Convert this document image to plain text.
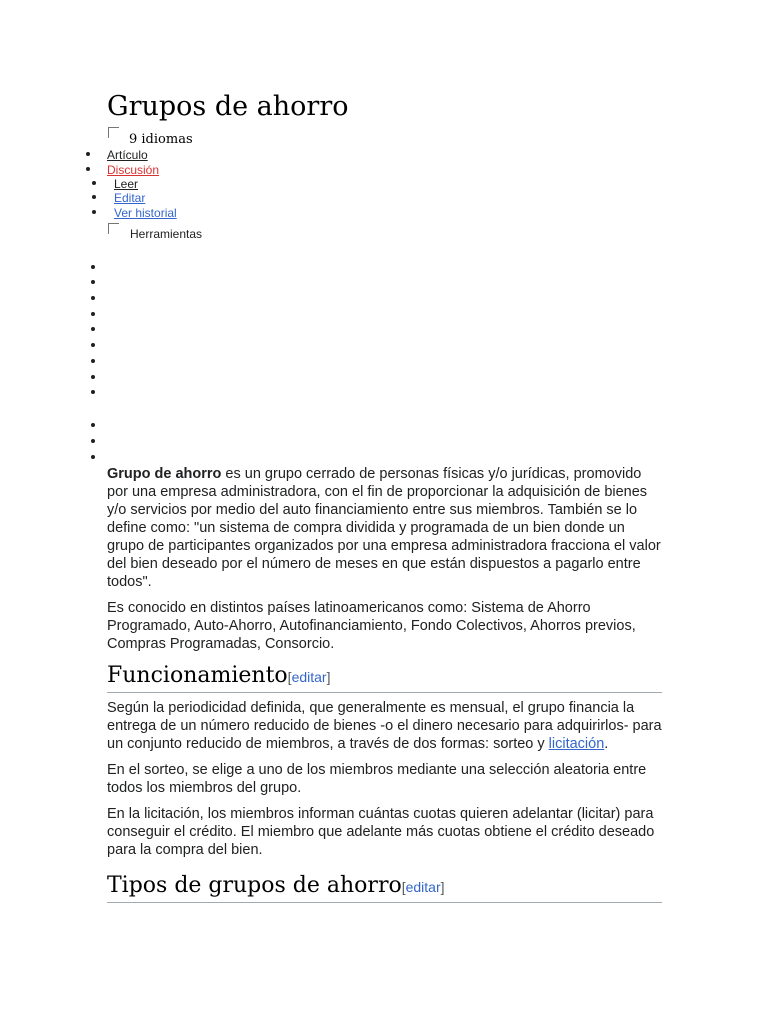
Grupos de ahorro
9 idiomas
Artículo
Discusión
Leer
Editar
Ver historial
Herramientas

Grupo de ahorro es un grupo cerrado de personas físicas y/o jurídicas, promovido por una empresa administradora, con el fin de proporcionar la adquisición de bienes y/o servicios por medio del auto financiamiento entre sus miembros. También se lo define como: "un sistema de compra dividida y programada de un bien donde un grupo de participantes organizados por una empresa administradora fracciona el valor del bien deseado por el número de meses en que están dispuestos a pagarlo entre todos".

Es conocido en distintos países latinoamericanos como: Sistema de Ahorro Programado, Auto-Ahorro, Autofinanciamiento, Fondo Colectivos, Ahorros previos, Compras Programadas, Consorcio.

Funcionamiento[editar]

Según la periodicidad definida, que generalmente es mensual, el grupo financia la entrega de un número reducido de bienes -o el dinero necesario para adquirirlos- para un conjunto reducido de miembros, a través de dos formas: sorteo y licitación.

En el sorteo, se elige a uno de los miembros mediante una selección aleatoria entre todos los miembros del grupo.

En la licitación, los miembros informan cuántas cuotas quieren adelantar (licitar) para conseguir el crédito. El miembro que adelante más cuotas obtiene el crédito deseado para la compra del bien.

Tipos de grupos de ahorro[editar]
